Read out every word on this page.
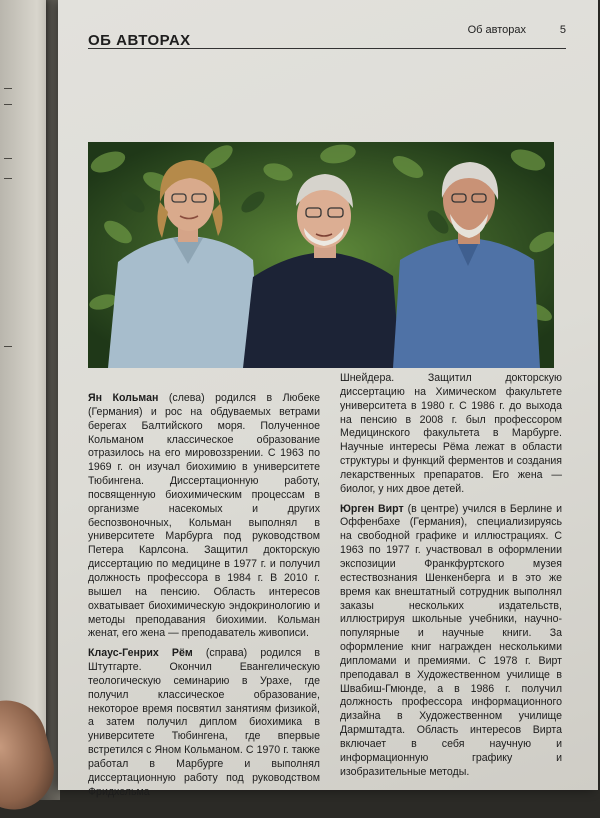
ОБ АВТОРАХ
Об авторах	5

Ян Кольман (слева) родился в Любеке (Германия) и рос на обдуваемых ветрами берегах Балтийского моря. Полученное Кольманом классическое образование отразилось на его мировоззрении. С 1963 по 1969 г. он изучал биохимию в университете Тюбингена. Диссертационную работу, посвященную биохимическим процессам в организме насекомых и других беспозвоночных, Кольман выполнял в университете Марбурга под руководством Петера Карлсона. Защитил докторскую диссертацию по медицине в 1977 г. и получил должность профессора в 1984 г. В 2010 г. вышел на пенсию. Область интересов охватывает биохимическую эндокринологию и методы преподавания биохимии. Кольман женат, его жена — преподаватель живописи.

Клаус-Генрих Рём (справа) родился в Штутгарте. Окончил Евангелическую теологическую семинарию в Урахе, где получил классическое образование, некоторое время посвятил занятиям физикой, а затем получил диплом биохимика в университете Тюбингена, где впервые встретился с Яном Кольманом. С 1970 г. также работал в Марбурге и выполнял диссертационную работу под руководством Фридхельма

Шнейдера. Защитил докторскую диссертацию на Химическом факультете университета в 1980 г. С 1986 г. до выхода на пенсию в 2008 г. был профессором Медицинского факультета в Марбурге. Научные интересы Рёма лежат в области структуры и функций ферментов и создания лекарственных препаратов. Его жена — биолог, у них двое детей.

Юрген Вирт (в центре) учился в Берлине и Оффенбахе (Германия), специализируясь на свободной графике и иллюстрациях. С 1963 по 1977 г. участвовал в оформлении экспозиции Франкфуртского музея естествознания Шенкенберга и в это же время как внештатный сотрудник выполнял заказы нескольких издательств, иллюстрируя школьные учебники, научно-популярные и научные книги. За оформление книг награжден несколькими дипломами и премиями. С 1978 г. Вирт преподавал в Художественном училище в Швабиш-Гмюнде, а в 1986 г. получил должность профессора информационного дизайна в Художественном училище Дармштадта. Область интересов Вирта включает в себя научную и информационную графику и изобразительные методы.
